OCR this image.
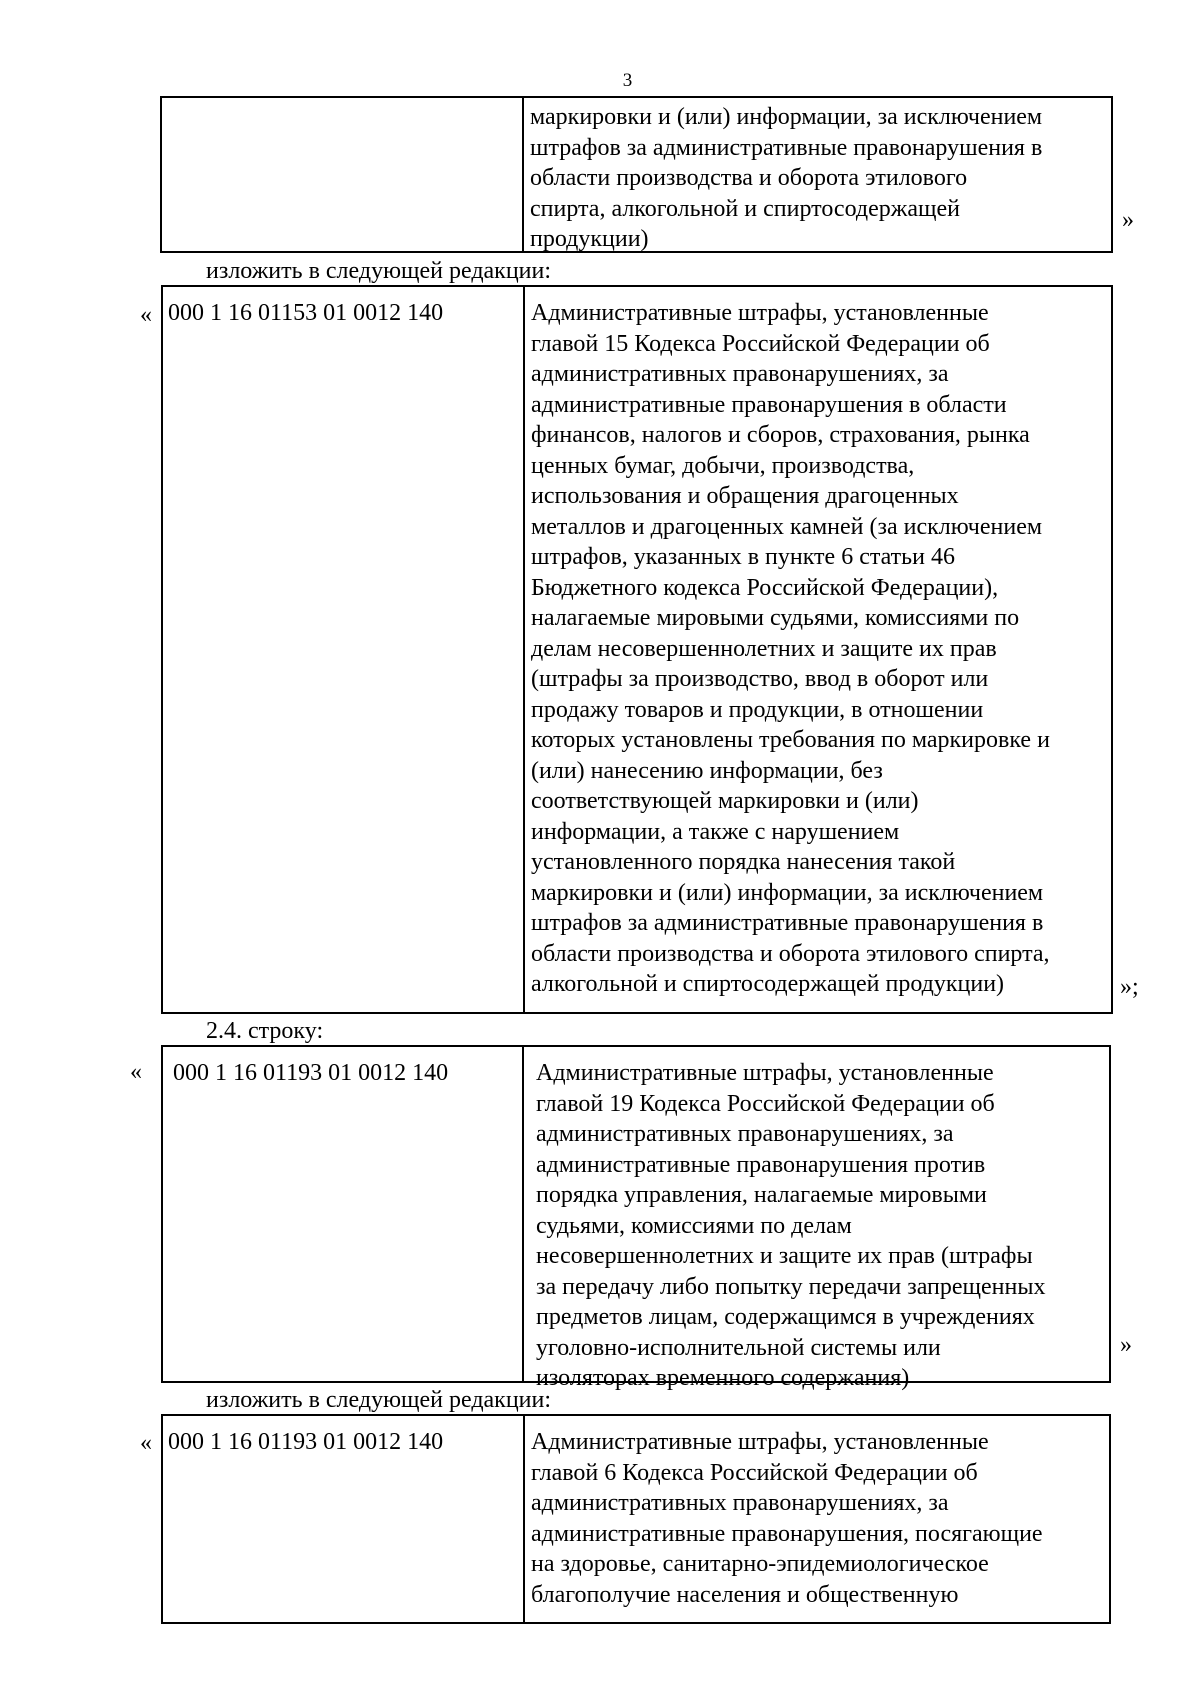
3
маркировки и (или) информации, за исключением
штрафов за административные правонарушения в
области производства и оборота этилового
спирта, алкогольной и спиртосодержащей
продукции)
»
изложить в следующей редакции:
« 000 1 16 01153 01 0012 140	Административные штрафы, установленные
главой 15 Кодекса Российской Федерации об
административных правонарушениях, за
административные правонарушения в области
финансов, налогов и сборов, страхования, рынка
ценных бумаг, добычи, производства,
использования и обращения драгоценных
металлов и драгоценных камней (за исключением
штрафов, указанных в пункте 6 статьи 46
Бюджетного кодекса Российской Федерации),
налагаемые мировыми судьями, комиссиями по
делам несовершеннолетних и защите их прав
(штрафы за производство, ввод в оборот или
продажу товаров и продукции, в отношении
которых установлены требования по маркировке и
(или) нанесению информации, без
соответствующей маркировки и (или)
информации, а также с нарушением
установленного порядка нанесения такой
маркировки и (или) информации, за исключением
штрафов за административные правонарушения в
области производства и оборота этилового спирта,
алкогольной и спиртосодержащей продукции)	»;
2.4. строку:
«	000 1 16 01193 01 0012 140	Административные штрафы, установленные
главой 19 Кодекса Российской Федерации об
административных правонарушениях, за
административные правонарушения против
порядка управления, налагаемые мировыми
судьями, комиссиями по делам
несовершеннолетних и защите их прав (штрафы
за передачу либо попытку передачи запрещенных
предметов лицам, содержащимся в учреждениях
уголовно-исполнительной системы или
изоляторах временного содержания)
»
изложить в следующей редакции:
« 000 1 16 01193 01 0012 140	Административные штрафы, установленные
главой 6 Кодекса Российской Федерации об
административных правонарушениях, за
административные правонарушения, посягающие
на здоровье, санитарно-эпидемиологическое
благополучие населения и общественную
